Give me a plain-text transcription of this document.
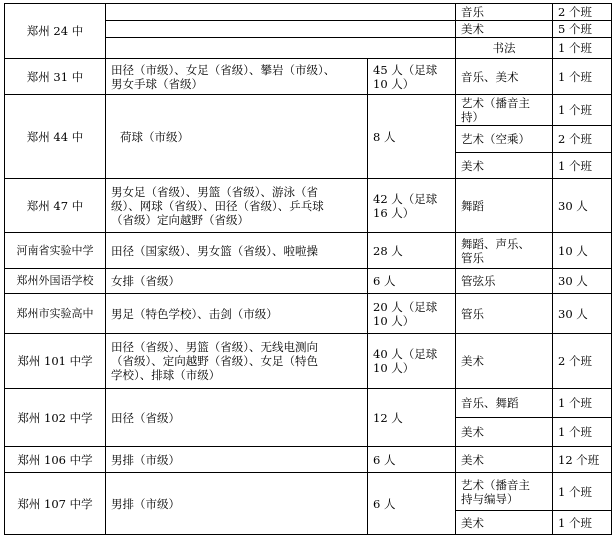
郑州 24 中			音乐	2 个班
			美术	5 个班
			书法	1 个班
郑州 31 中	田径（市级）、女足（省级）、攀岩（市级）、
男女手球（省级）	45 人（足球
10 人）	音乐、美术	1 个班
郑州 44 中	荷球（市级）	8 人	艺术（播音主持）	1 个班
			艺术（空乘）	2 个班
			美术	1 个班
郑州 47 中	男女足（省级）、男篮（省级）、游泳（省
级）、网球（省级）、田径（省级）、乒乓球
（省级）定向越野（省级）	42 人（足球
16 人）	舞蹈	30 人
河南省实验中学	田径（国家级）、男女篮（省级）、啦啦操	28 人	舞蹈、声乐、
管乐	10 人
郑州外国语学校	女排（省级）	6 人	管弦乐	30 人
郑州市实验高中	男足（特色学校）、击剑（市级）	20 人（足球
10 人）	管乐	30 人
郑州 101 中学	田径（省级）、男篮（省级）、无线电测向
（省级）、定向越野（省级）、女足（特色
学校）、排球（市级）	40 人（足球
10 人）	美术	2 个班
郑州 102 中学	田径（省级）	12 人	音乐、舞蹈	1 个班
			美术	1 个班
郑州 106 中学	男排（市级）	6 人	美术	12 个班
郑州 107 中学	男排（市级）	6 人	艺术（播音主
持与编导）	1 个班
			美术	1 个班
